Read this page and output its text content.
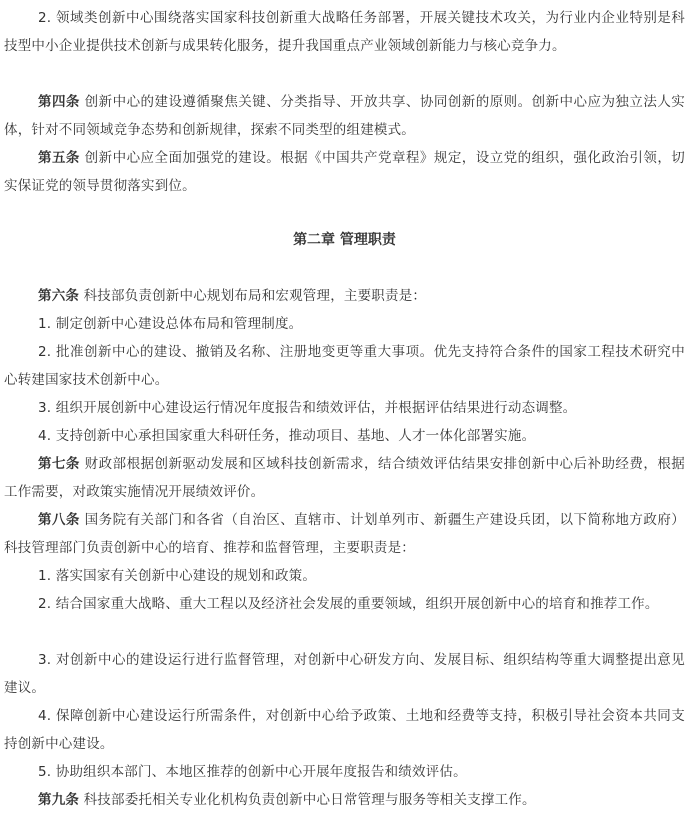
2. 领域类创新中心围绕落实国家科技创新重大战略任务部署，开展关键技术攻关，为行业内企业特别是科技型中小企业提供技术创新与成果转化服务，提升我国重点产业领域创新能力与核心竞争力。

第四条 创新中心的建设遵循聚焦关键、分类指导、开放共享、协同创新的原则。创新中心应为独立法人实体，针对不同领域竞争态势和创新规律，探索不同类型的组建模式。

第五条 创新中心应全面加强党的建设。根据《中国共产党章程》规定，设立党的组织，强化政治引领，切实保证党的领导贯彻落实到位。

第二章 管理职责

第六条 科技部负责创新中心规划布局和宏观管理，主要职责是：

1. 制定创新中心建设总体布局和管理制度。

2. 批准创新中心的建设、撤销及名称、注册地变更等重大事项。优先支持符合条件的国家工程技术研究中心转建国家技术创新中心。

3. 组织开展创新中心建设运行情况年度报告和绩效评估，并根据评估结果进行动态调整。

4. 支持创新中心承担国家重大科研任务，推动项目、基地、人才一体化部署实施。

第七条 财政部根据创新驱动发展和区域科技创新需求，结合绩效评估结果安排创新中心后补助经费，根据工作需要，对政策实施情况开展绩效评价。

第八条 国务院有关部门和各省（自治区、直辖市、计划单列市、新疆生产建设兵团，以下简称地方政府）科技管理部门负责创新中心的培育、推荐和监督管理，主要职责是：

1. 落实国家有关创新中心建设的规划和政策。

2. 结合国家重大战略、重大工程以及经济社会发展的重要领域，组织开展创新中心的培育和推荐工作。

3. 对创新中心的建设运行进行监督管理，对创新中心研发方向、发展目标、组织结构等重大调整提出意见建议。

4. 保障创新中心建设运行所需条件，对创新中心给予政策、土地和经费等支持，积极引导社会资本共同支持创新中心建设。

5. 协助组织本部门、本地区推荐的创新中心开展年度报告和绩效评估。

第九条 科技部委托相关专业化机构负责创新中心日常管理与服务等相关支撑工作。
